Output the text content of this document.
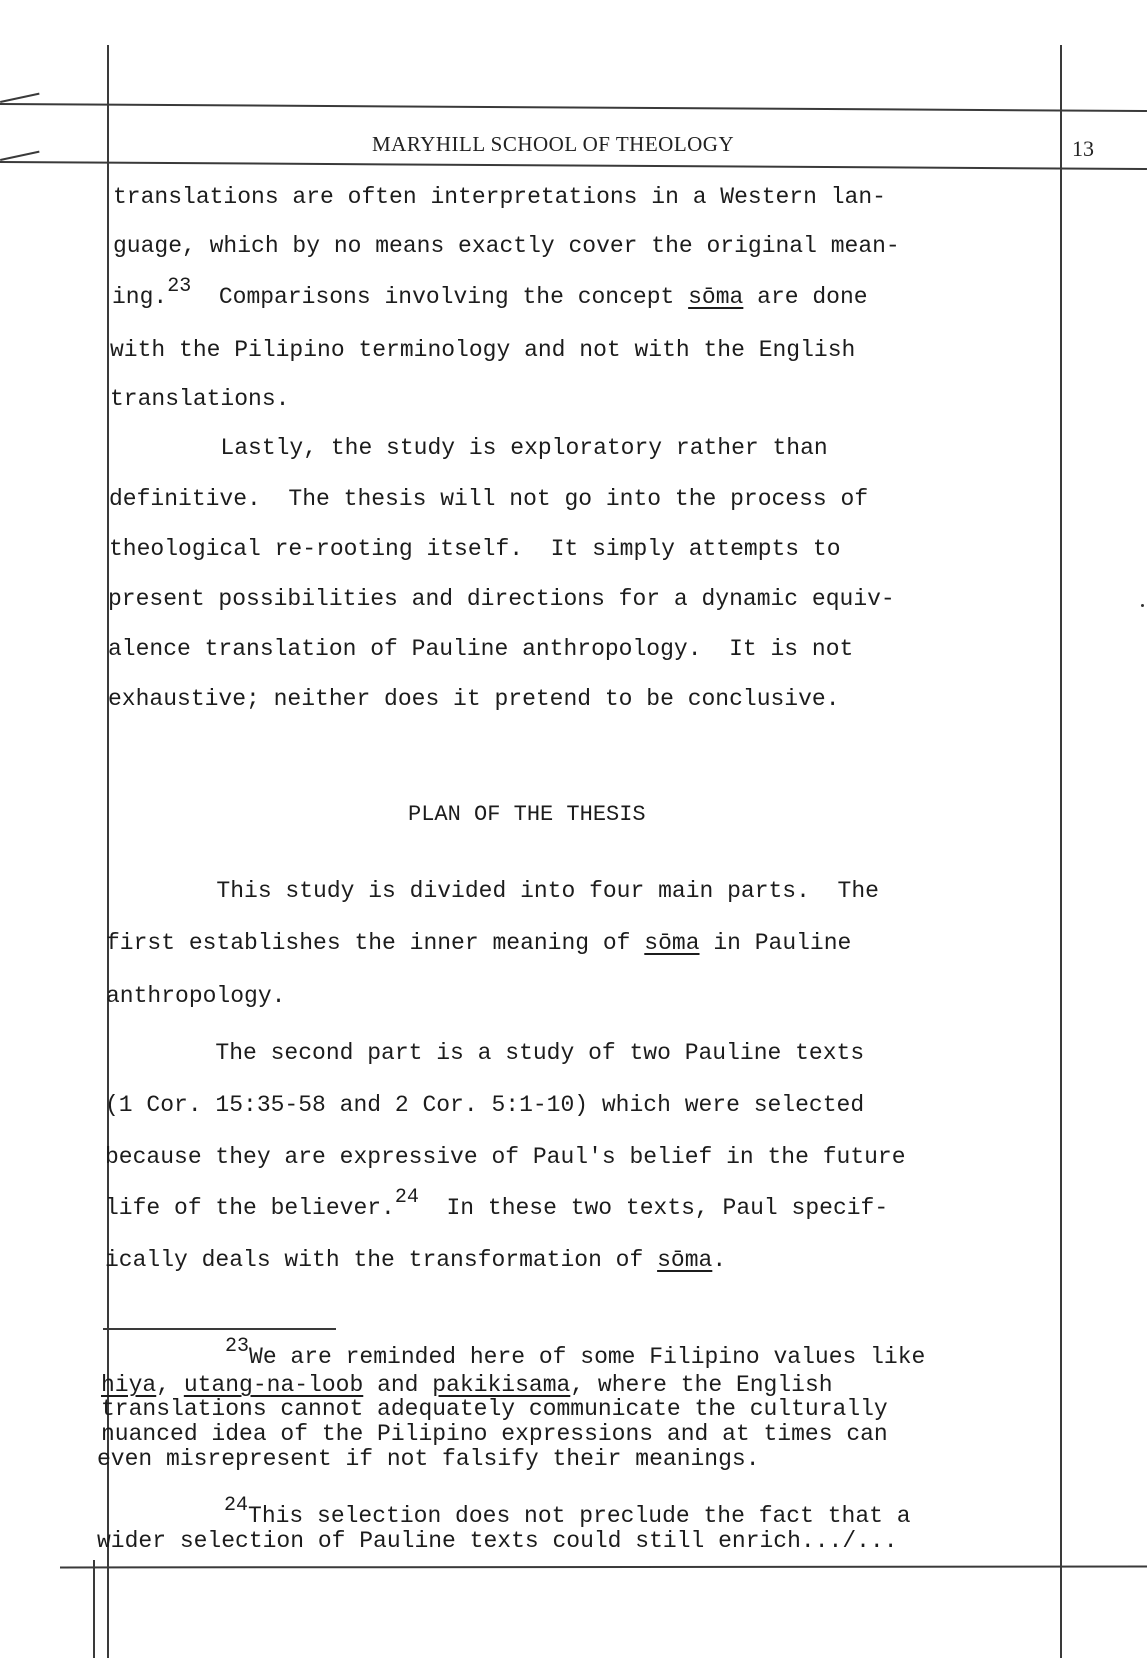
MARYHILL SCHOOL OF THEOLOGY	13
translations are often interpretations in a Western lan-
guage, which by no means exactly cover the original mean-
ing.23  Comparisons involving the concept sōma are done
with the Pilipino terminology and not with the English
translations.
Lastly, the study is exploratory rather than
definitive.  The thesis will not go into the process of
theological re-rooting itself.  It simply attempts to
present possibilities and directions for a dynamic equiv-
alence translation of Pauline anthropology.  It is not
exhaustive; neither does it pretend to be conclusive.
PLAN OF THE THESIS
This study is divided into four main parts.  The
first establishes the inner meaning of sōma in Pauline
anthropology.
The second part is a study of two Pauline texts
(1 Cor. 15:35-58 and 2 Cor. 5:1-10) which were selected
because they are expressive of Paul's belief in the future
life of the believer.24  In these two texts, Paul specif-
ically deals with the transformation of sōma.
23We are reminded here of some Filipino values like
hiya, utang-na-loob and pakikisama, where the English
translations cannot adequately communicate the culturally
nuanced idea of the Pilipino expressions and at times can
even misrepresent if not falsify their meanings.
24This selection does not preclude the fact that a
wider selection of Pauline texts could still enrich.../...
